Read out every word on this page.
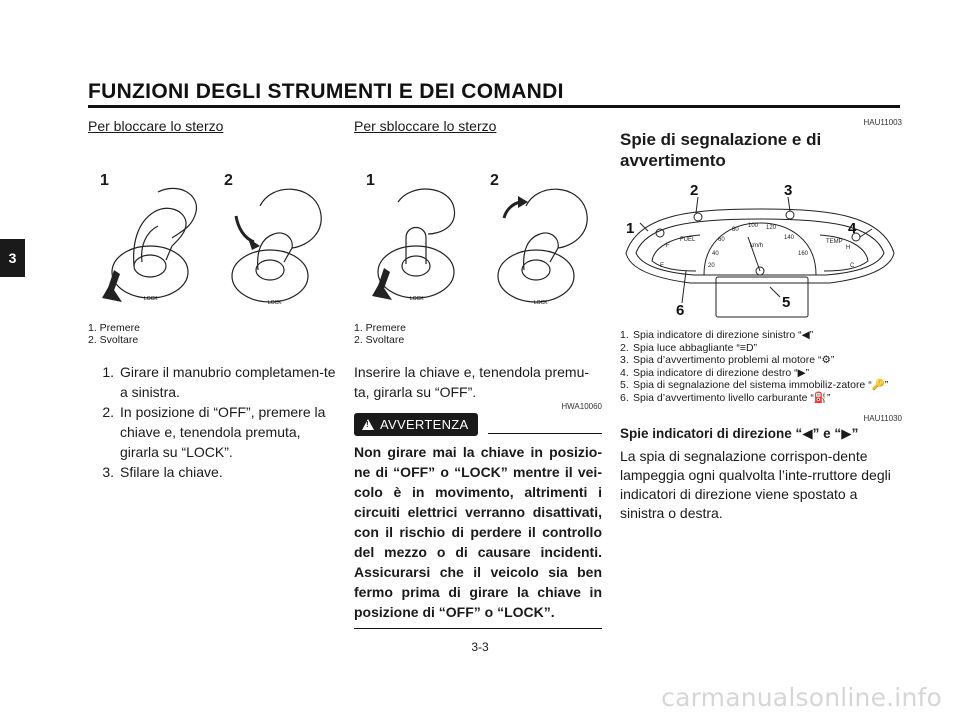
FUNZIONI DEGLI STRUMENTI E DEI COMANDI
3

Per bloccare lo sterzo

1	2
LOCK
LOCK
1. Premere
2. Svoltare
1. Girare il manubrio completamen-te a sinistra.
2. In posizione di “OFF”, premere la chiave e, tenendola premuta, girarla su “LOCK”.
3. Sfilare la chiave.

Per sbloccare lo sterzo

1	2
LOCK
LOCK
1. Premere
2. Svoltare

Inserire la chiave e, tenendola premu-ta, girarla su “OFF”.

HWA10060
!
AVVERTENZA

Non girare mai la chiave in posizio-ne di “OFF” o “LOCK” mentre il vei-colo è in movimento, altrimenti i circuiti elettrici verranno disattivati, con il rischio di perdere il controllo del mezzo o di causare incidenti. Assicurarsi che il veicolo sia ben fermo prima di girare la chiave in posizione di “OFF” o “LOCK”.

HAU11003
Spie di segnalazione e di avvertimento
2	3
1	4
5
6
80
100 120
60	140
40	160
20
km/h
FUEL	TEMP
F
E
H
C
1. Spia indicatore di direzione sinistro “◀”
2. Spia luce abbagliante “≡D”
3. Spia d’avvertimento problemi al motore “⚙”
4. Spia indicatore di direzione destro “▶”
5. Spia di segnalazione del sistema immobiliz-zatore “🔑”
6. Spia d’avvertimento livello carburante “⛽”
HAU11030
Spie indicatori di direzione “◀” e “▶”

La spia di segnalazione corrispon-dente lampeggia ogni qualvolta l’inte-rruttore degli indicatori di direzione viene spostato a sinistra o destra.

3-3
carmanualsonline.info
